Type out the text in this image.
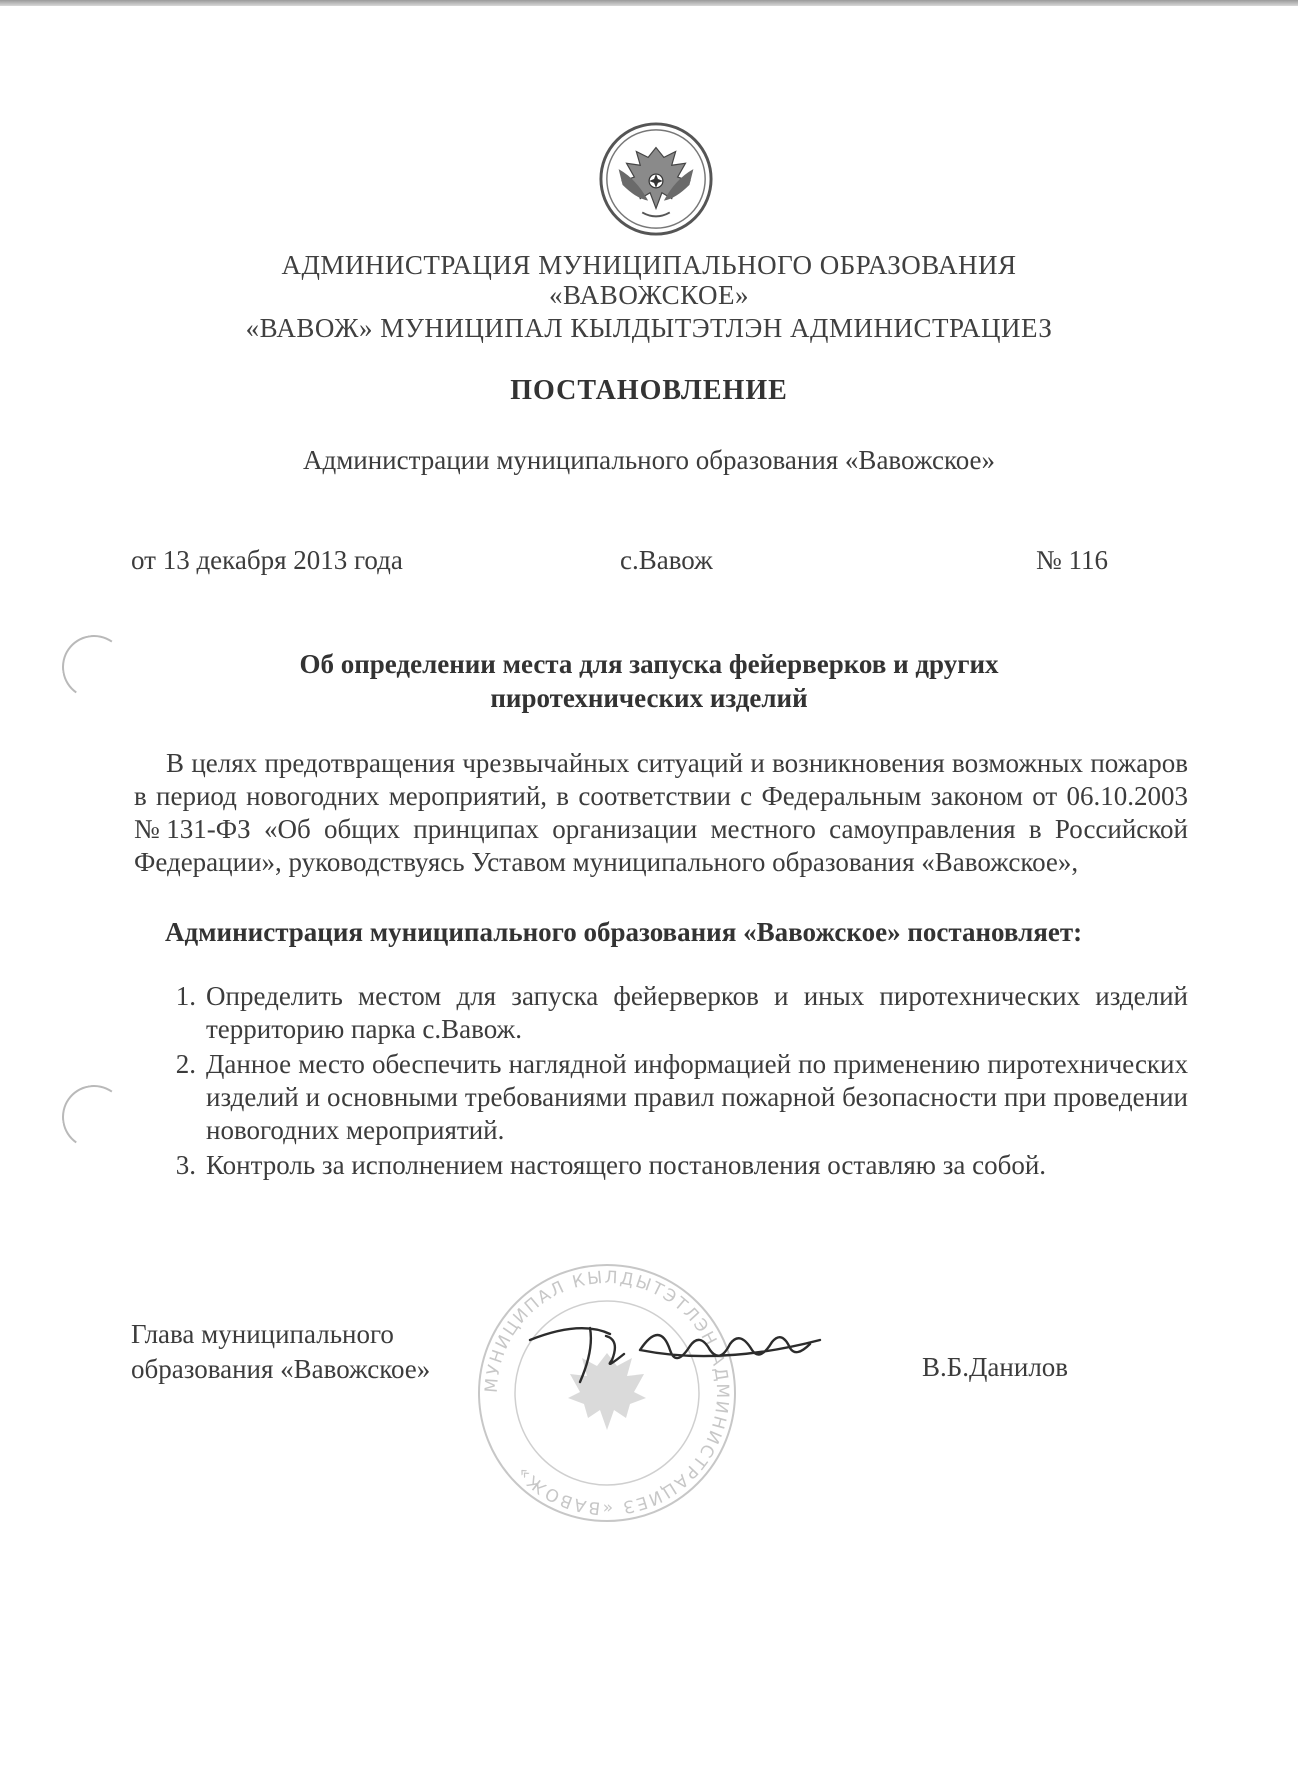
АДМИНИСТРАЦИЯ МУНИЦИПАЛЬНОГО ОБРАЗОВАНИЯ
«ВАВОЖСКОЕ»
«ВАВОЖ» МУНИЦИПАЛ КЫЛДЫТЭТЛЭН АДМИНИСТРАЦИЕЗ
ПОСТАНОВЛЕНИЕ
Администрации муниципального образования «Вавожское»
от 13 декабря 2013 года	с.Вавож	№ 116
Об определении места для запуска фейерверков и других
пиротехнических изделий
В целях предотвращения чрезвычайных ситуаций и возникновения возможных пожаров в период новогодних мероприятий, в соответствии с Федеральным законом от 06.10.2003 №131-ФЗ «Об общих принципах организации местного самоуправления в Российской Федерации», руководствуясь Уставом муниципального образования «Вавожское»,
Администрация муниципального образования «Вавожское» постановляет:
1. Определить местом для запуска фейерверков и иных пиротехнических изделий территорию парка с.Вавож.
2. Данное место обеспечить наглядной информацией по применению пиротехнических изделий и основными требованиями правил пожарной безопасности при проведении новогодних мероприятий.
3. Контроль за исполнением настоящего постановления оставляю за собой.
МУНИЦИПАЛ КЫЛДЫТЭТЛЭН АДМИНИСТРАЦИЕЗ «ВАВОЖ»
Глава муниципального
образования «Вавожское»	В.Б.Данилов
